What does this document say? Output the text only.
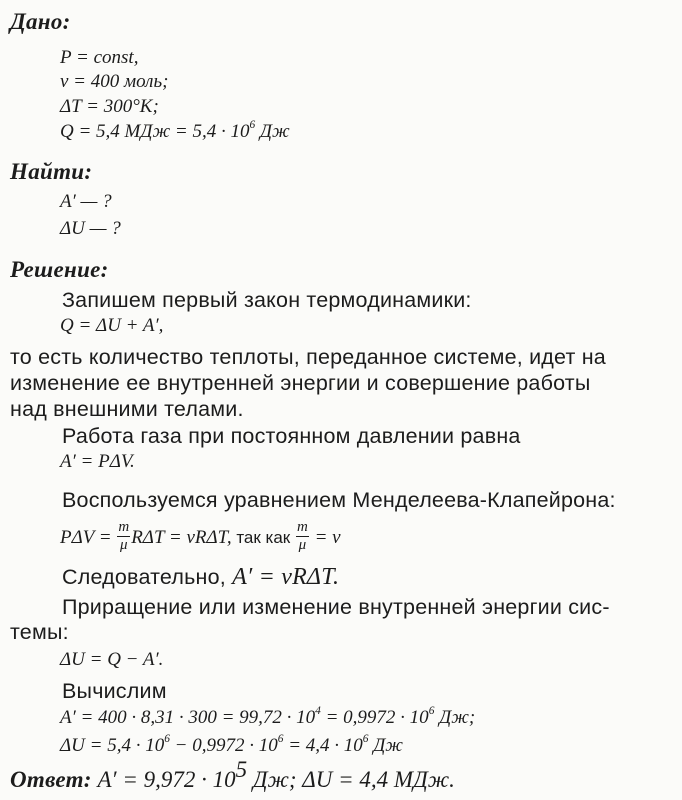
Дано:
P = const,
ν = 400 моль;
ΔT = 300°K;
Q = 5,4 МДж = $5,4 \cdot 10^6$ Дж
Найти:
A′ — ?
ΔU — ?
Решение:
Запишем первый закон термодинамики:
Q = ΔU + A′,
то есть количество теплоты, переданное системе, идет на
изменение ее внутренней энергии и совершение работы
над внешними телами.
Работа газа при постоянном давлении равна
A′ = PΔV.
Воспользуемся уравнением Менделеева-Клапейрона:
$P\Delta V = \frac{m}{\mu}$ RΔT = νRΔT, так как $\frac{m}{\mu} = \nu$
Следовательно, A′ = νRΔT.
Приращение или изменение внутренней энергии сис-
темы:
ΔU = Q − A′.
Вычислим
$A' = 400 \cdot 8,31 \cdot 300 = 99,72 \cdot 10^4 = 0,9972 \cdot 10^6$ Дж;
$\Delta U = 5,4 \cdot 10^6 - 0,9972 \cdot 10^6 = 4,4 \cdot 10^6$ Дж
Ответ: $A' = 9,972 \cdot 10^5$ Дж; ΔU = 4,4 МДж.
